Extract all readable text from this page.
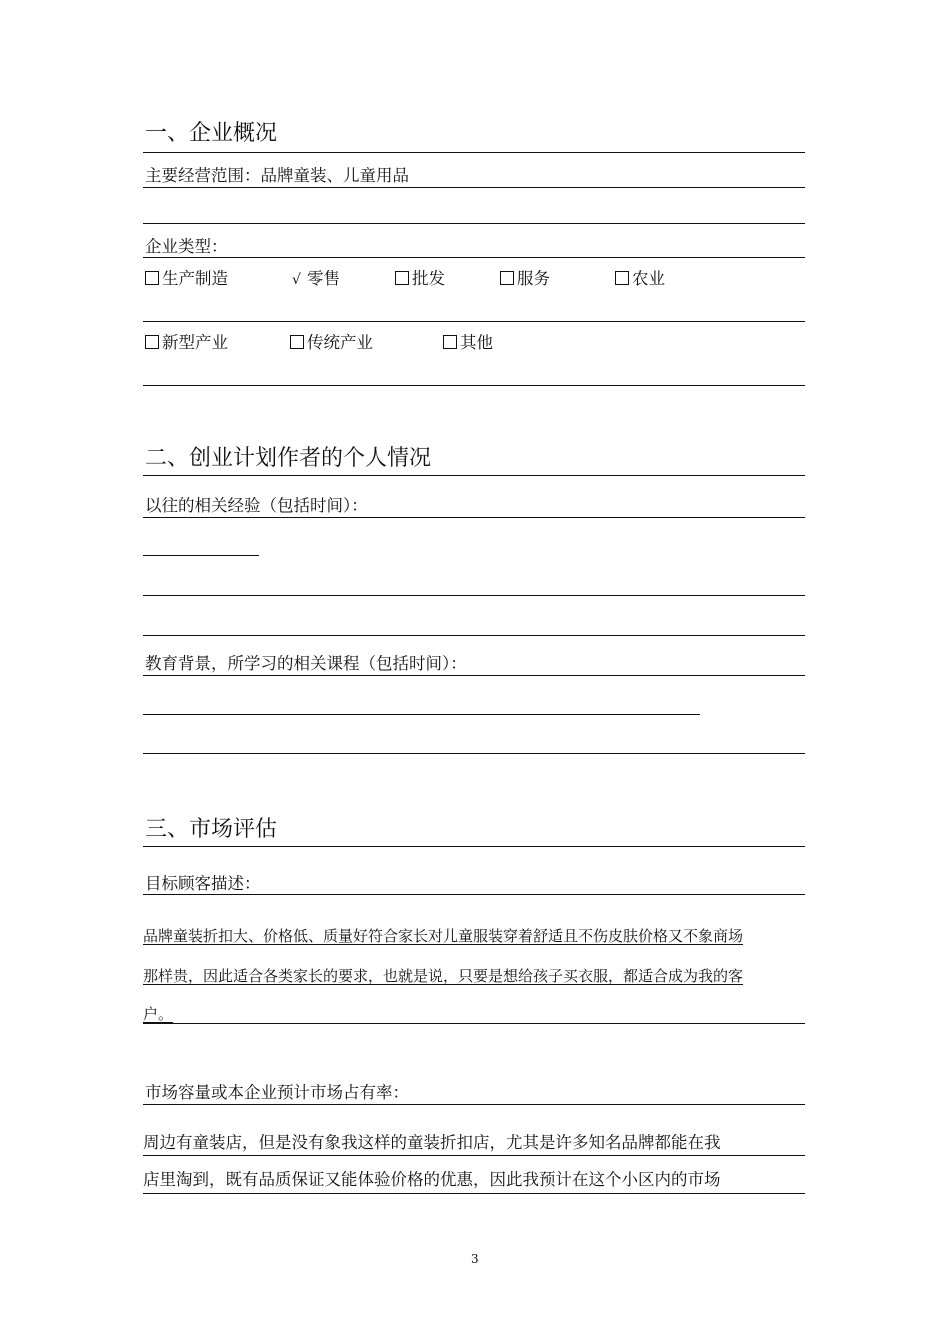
一、企业概况
主要经营范围：品牌童装、儿童用品
企业类型：
生产制造	√ 零售	批发	服务	农业
新型产业	传统产业	其他
二、创业计划作者的个人情况
以往的相关经验（包括时间）：
教育背景，所学习的相关课程（包括时间）：
三、市场评估
目标顾客描述：
品牌童装折扣大、价格低、质量好符合家长对儿童服装穿着舒适且不伤皮肤价格又不象商场
那样贵，因此适合各类家长的要求，也就是说，只要是想给孩子买衣服，都适合成为我的客
户。
市场容量或本企业预计市场占有率：
周边有童装店，但是没有象我这样的童装折扣店，尤其是许多知名品牌都能在我
店里淘到，既有品质保证又能体验价格的优惠，因此我预计在这个小区内的市场
3
